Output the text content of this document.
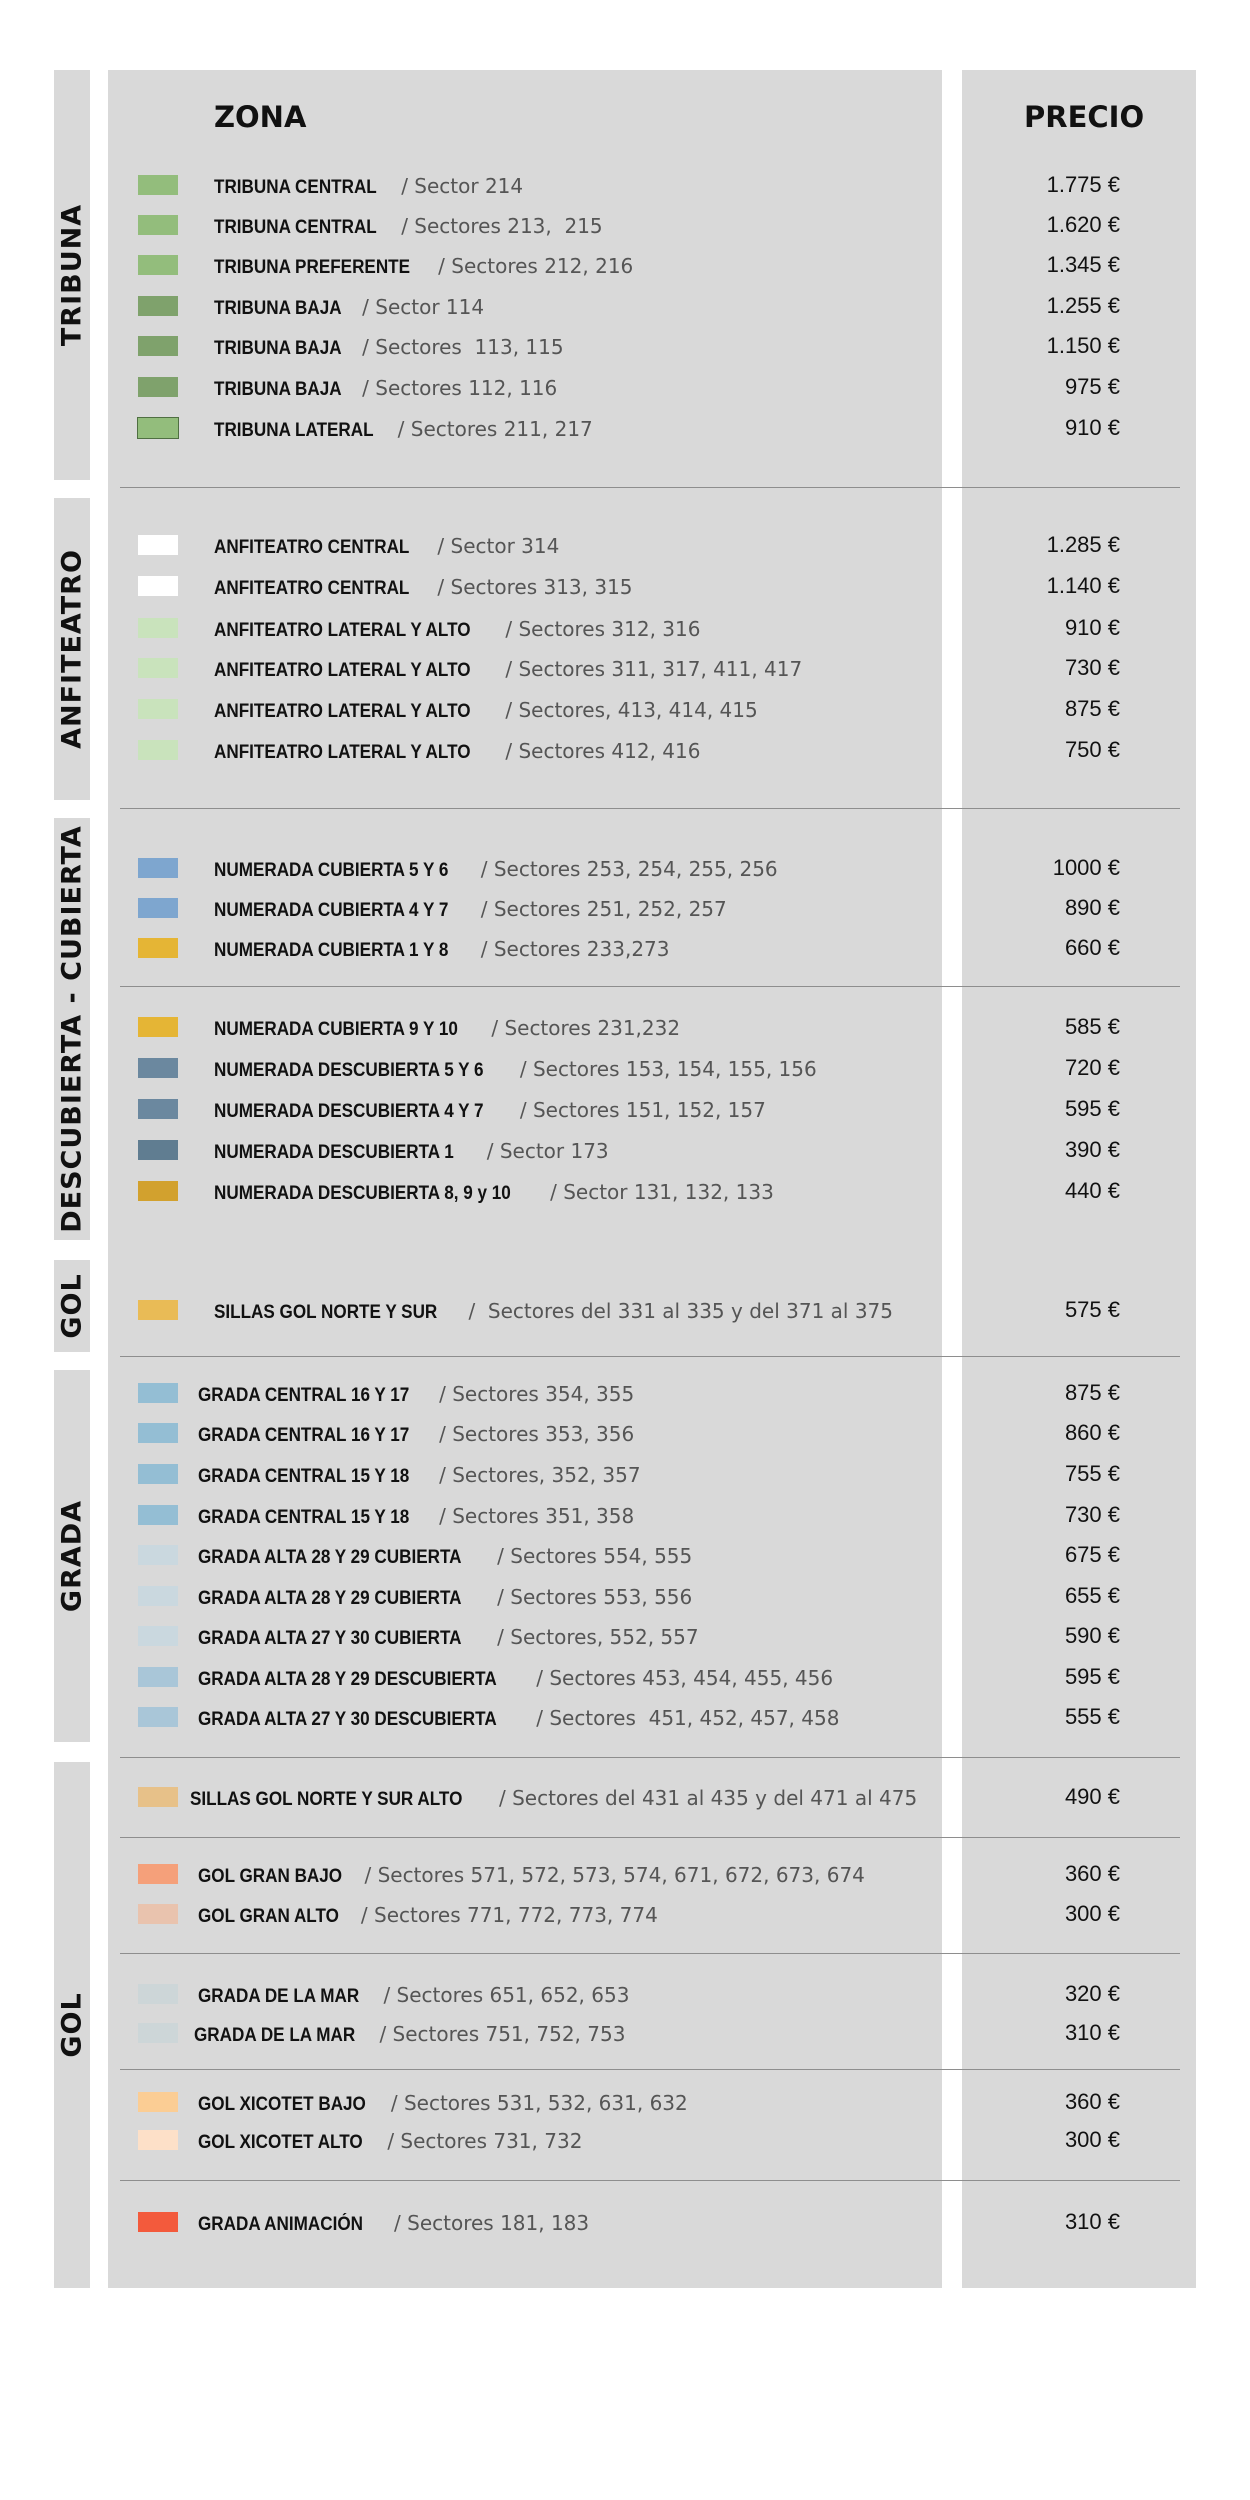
TRIBUNA
ANFITEATRO
DESCUBIERTA - CUBIERTA
GOL
GRADA
GOL
ZONA	PRECIO
TRIBUNA CENTRAL / Sector 214	1.775 €
TRIBUNA CENTRAL / Sectores 213,  215	1.620 €
TRIBUNA PREFERENTE / Sectores 212, 216	1.345 €
TRIBUNA BAJA / Sector 114	1.255 €
TRIBUNA BAJA / Sectores  113, 115	1.150 €
TRIBUNA BAJA / Sectores 112, 116	975 €
TRIBUNA LATERAL / Sectores 211, 217	910 €
ANFITEATRO CENTRAL / Sector 314	1.285 €
ANFITEATRO CENTRAL / Sectores 313, 315	1.140 €
ANFITEATRO LATERAL Y ALTO / Sectores 312, 316	910 €
ANFITEATRO LATERAL Y ALTO / Sectores 311, 317, 411, 417	730 €
ANFITEATRO LATERAL Y ALTO / Sectores, 413, 414, 415	875 €
ANFITEATRO LATERAL Y ALTO / Sectores 412, 416	750 €
NUMERADA CUBIERTA 5 Y 6 / Sectores 253, 254, 255, 256	1000 €
NUMERADA CUBIERTA 4 Y 7 / Sectores 251, 252, 257	890 €
NUMERADA CUBIERTA 1 Y 8 / Sectores 233,273	660 €
NUMERADA CUBIERTA 9 Y 10 / Sectores 231,232	585 €
NUMERADA DESCUBIERTA 5 Y 6 / Sectores 153, 154, 155, 156	720 €
NUMERADA DESCUBIERTA 4 Y 7 / Sectores 151, 152, 157	595 €
NUMERADA DESCUBIERTA 1 / Sector 173	390 €
NUMERADA DESCUBIERTA 8, 9 y 10 / Sector 131, 132, 133	440 €
SILLAS GOL NORTE Y SUR /  Sectores del 331 al 335 y del 371 al 375	575 €
GRADA CENTRAL 16 Y 17 / Sectores 354, 355	875 €
GRADA CENTRAL 16 Y 17 / Sectores 353, 356	860 €
GRADA CENTRAL 15 Y 18 / Sectores, 352, 357	755 €
GRADA CENTRAL 15 Y 18 / Sectores 351, 358	730 €
GRADA ALTA 28 Y 29 CUBIERTA / Sectores 554, 555	675 €
GRADA ALTA 28 Y 29 CUBIERTA / Sectores 553, 556	655 €
GRADA ALTA 27 Y 30 CUBIERTA / Sectores, 552, 557	590 €
GRADA ALTA 28 Y 29 DESCUBIERTA / Sectores 453, 454, 455, 456	595 €
GRADA ALTA 27 Y 30 DESCUBIERTA / Sectores  451, 452, 457, 458	555 €
SILLAS GOL NORTE Y SUR ALTO / Sectores del 431 al 435 y del 471 al 475	490 €
GOL GRAN BAJO / Sectores 571, 572, 573, 574, 671, 672, 673, 674	360 €
GOL GRAN ALTO / Sectores 771, 772, 773, 774	300 €
GRADA DE LA MAR / Sectores 651, 652, 653	320 €
GRADA DE LA MAR / Sectores 751, 752, 753	310 €
GOL XICOTET BAJO / Sectores 531, 532, 631, 632	360 €
GOL XICOTET ALTO / Sectores 731, 732	300 €
GRADA ANIMACIÓN  / Sectores 181, 183	310 €
